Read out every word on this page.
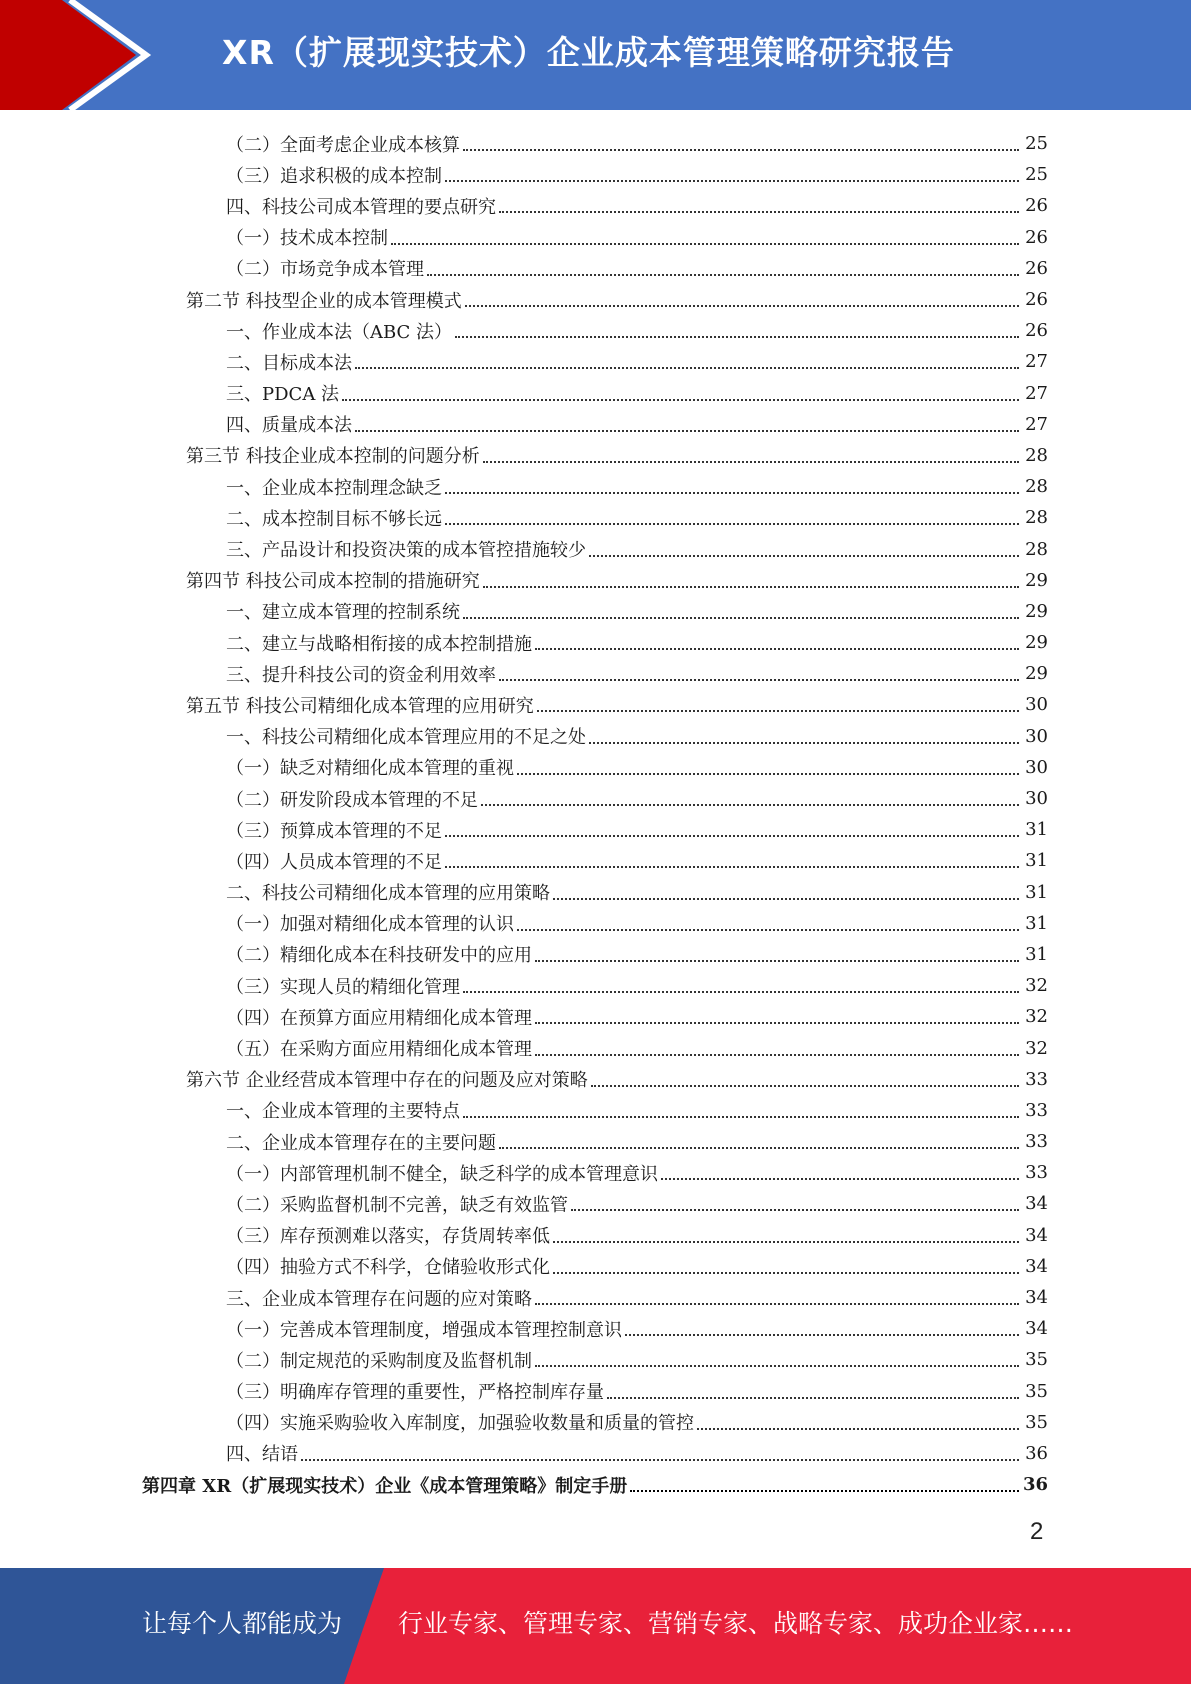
XR（扩展现实技术）企业成本管理策略研究报告
（二）全面考虑企业成本核算	25
（三）追求积极的成本控制	25
四、科技公司成本管理的要点研究	26
（一）技术成本控制	26
（二）市场竞争成本管理	26
第二节 科技型企业的成本管理模式	26
一、作业成本法（ABC 法）	26
二、目标成本法	27
三、PDCA 法	27
四、质量成本法	27
第三节 科技企业成本控制的问题分析	28
一、企业成本控制理念缺乏	28
二、成本控制目标不够长远	28
三、产品设计和投资决策的成本管控措施较少	28
第四节 科技公司成本控制的措施研究	29
一、建立成本管理的控制系统	29
二、建立与战略相衔接的成本控制措施	29
三、提升科技公司的资金利用效率	29
第五节 科技公司精细化成本管理的应用研究	30
一、科技公司精细化成本管理应用的不足之处	30
（一）缺乏对精细化成本管理的重视	30
（二）研发阶段成本管理的不足	30
（三）预算成本管理的不足	31
（四）人员成本管理的不足	31
二、科技公司精细化成本管理的应用策略	31
（一）加强对精细化成本管理的认识	31
（二）精细化成本在科技研发中的应用	31
（三）实现人员的精细化管理	32
（四）在预算方面应用精细化成本管理	32
（五）在采购方面应用精细化成本管理	32
第六节 企业经营成本管理中存在的问题及应对策略	33
一、企业成本管理的主要特点	33
二、企业成本管理存在的主要问题	33
（一）内部管理机制不健全，缺乏科学的成本管理意识	33
（二）采购监督机制不完善，缺乏有效监管	34
（三）库存预测难以落实，存货周转率低	34
（四）抽验方式不科学，仓储验收形式化	34
三、企业成本管理存在问题的应对策略	34
（一）完善成本管理制度，增强成本管理控制意识	34
（二）制定规范的采购制度及监督机制	35
（三）明确库存管理的重要性，严格控制库存量	35
（四）实施采购验收入库制度，加强验收数量和质量的管控	35
四、结语	36
第四章 XR（扩展现实技术）企业《成本管理策略》制定手册	36
2
让每个人都能成为 行业专家、管理专家、营销专家、战略专家、成功企业家……
